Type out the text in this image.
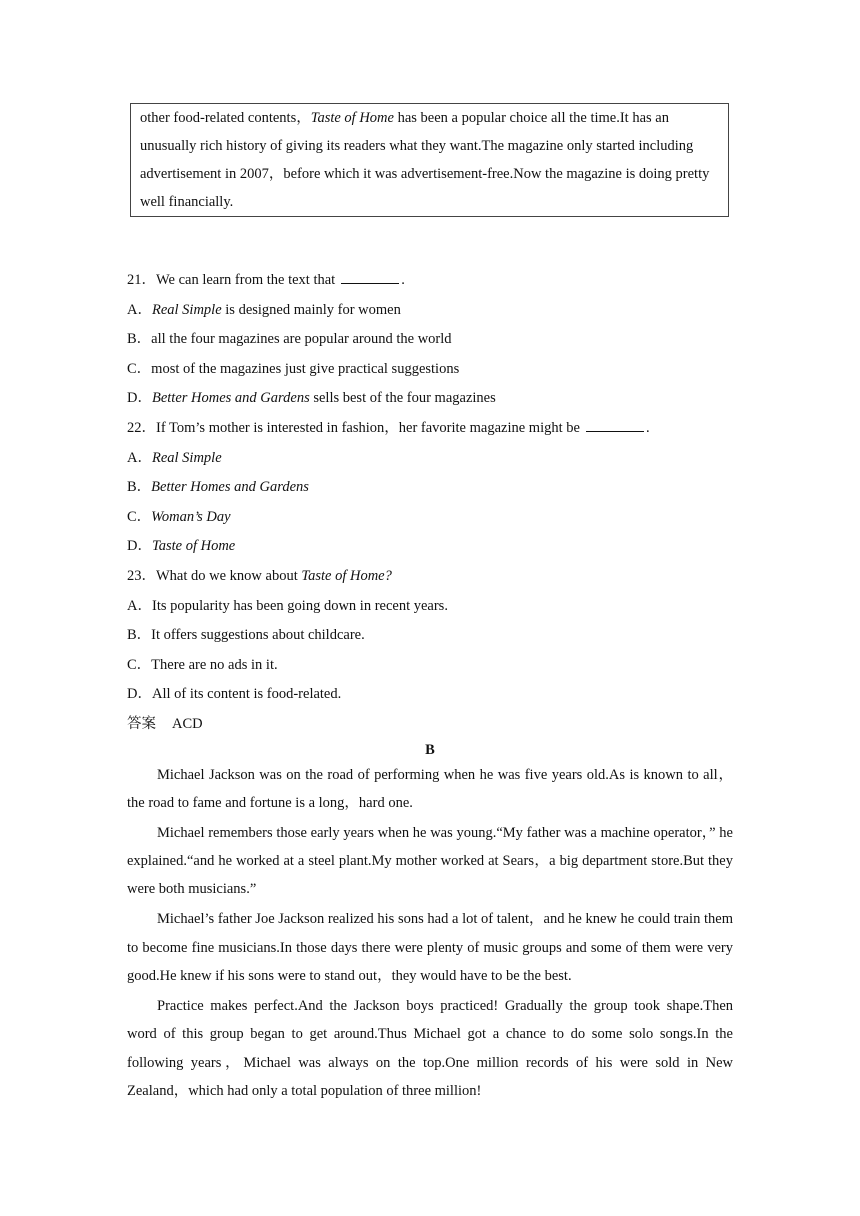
other food-related contents，Taste of Home has been a popular choice all the time.It has an unusually rich history of giving its readers what they want.The magazine only started including advertisement in 2007，before which it was advertisement-free.Now the magazine is doing pretty well financially.

21．We can learn from the text that	.
A．Real Simple is designed mainly for women
B．all the four magazines are popular around the world
C．most of the magazines just give practical suggestions
D．Better Homes and Gardens sells best of the four magazines
22．If Tom’s mother is interested in fashion，her favorite magazine might be	.
A．Real Simple
B．Better Homes and Gardens
C．Woman’s Day
D．Taste of Home
23．What do we know about Taste of Home?
A．Its popularity has been going down in recent years.
B．It offers suggestions about childcare.
C．There are no ads in it.
D．All of its content is food-related.
答案 ACD
B

Michael Jackson was on the road of performing when he was five years old.As is known to all，the road to fame and fortune is a long，hard one.

Michael remembers those early years when he was young.“My father was a machine operator，” he explained.“and he worked at a steel plant.My mother worked at Sears，a big department store.But they were both musicians.”

Michael’s father Joe Jackson realized his sons had a lot of talent，and he knew he could train them to become fine musicians.In those days there were plenty of music groups and some of them were very good.He knew if his sons were to stand out，they would have to be the best.

Practice makes perfect.And the Jackson boys practiced! Gradually the group took shape.Then word of this group began to get around.Thus Michael got a chance to do some solo songs.In the following years，Michael was always on the top.One million records of his were sold in New Zealand，which had only a total population of three million!
